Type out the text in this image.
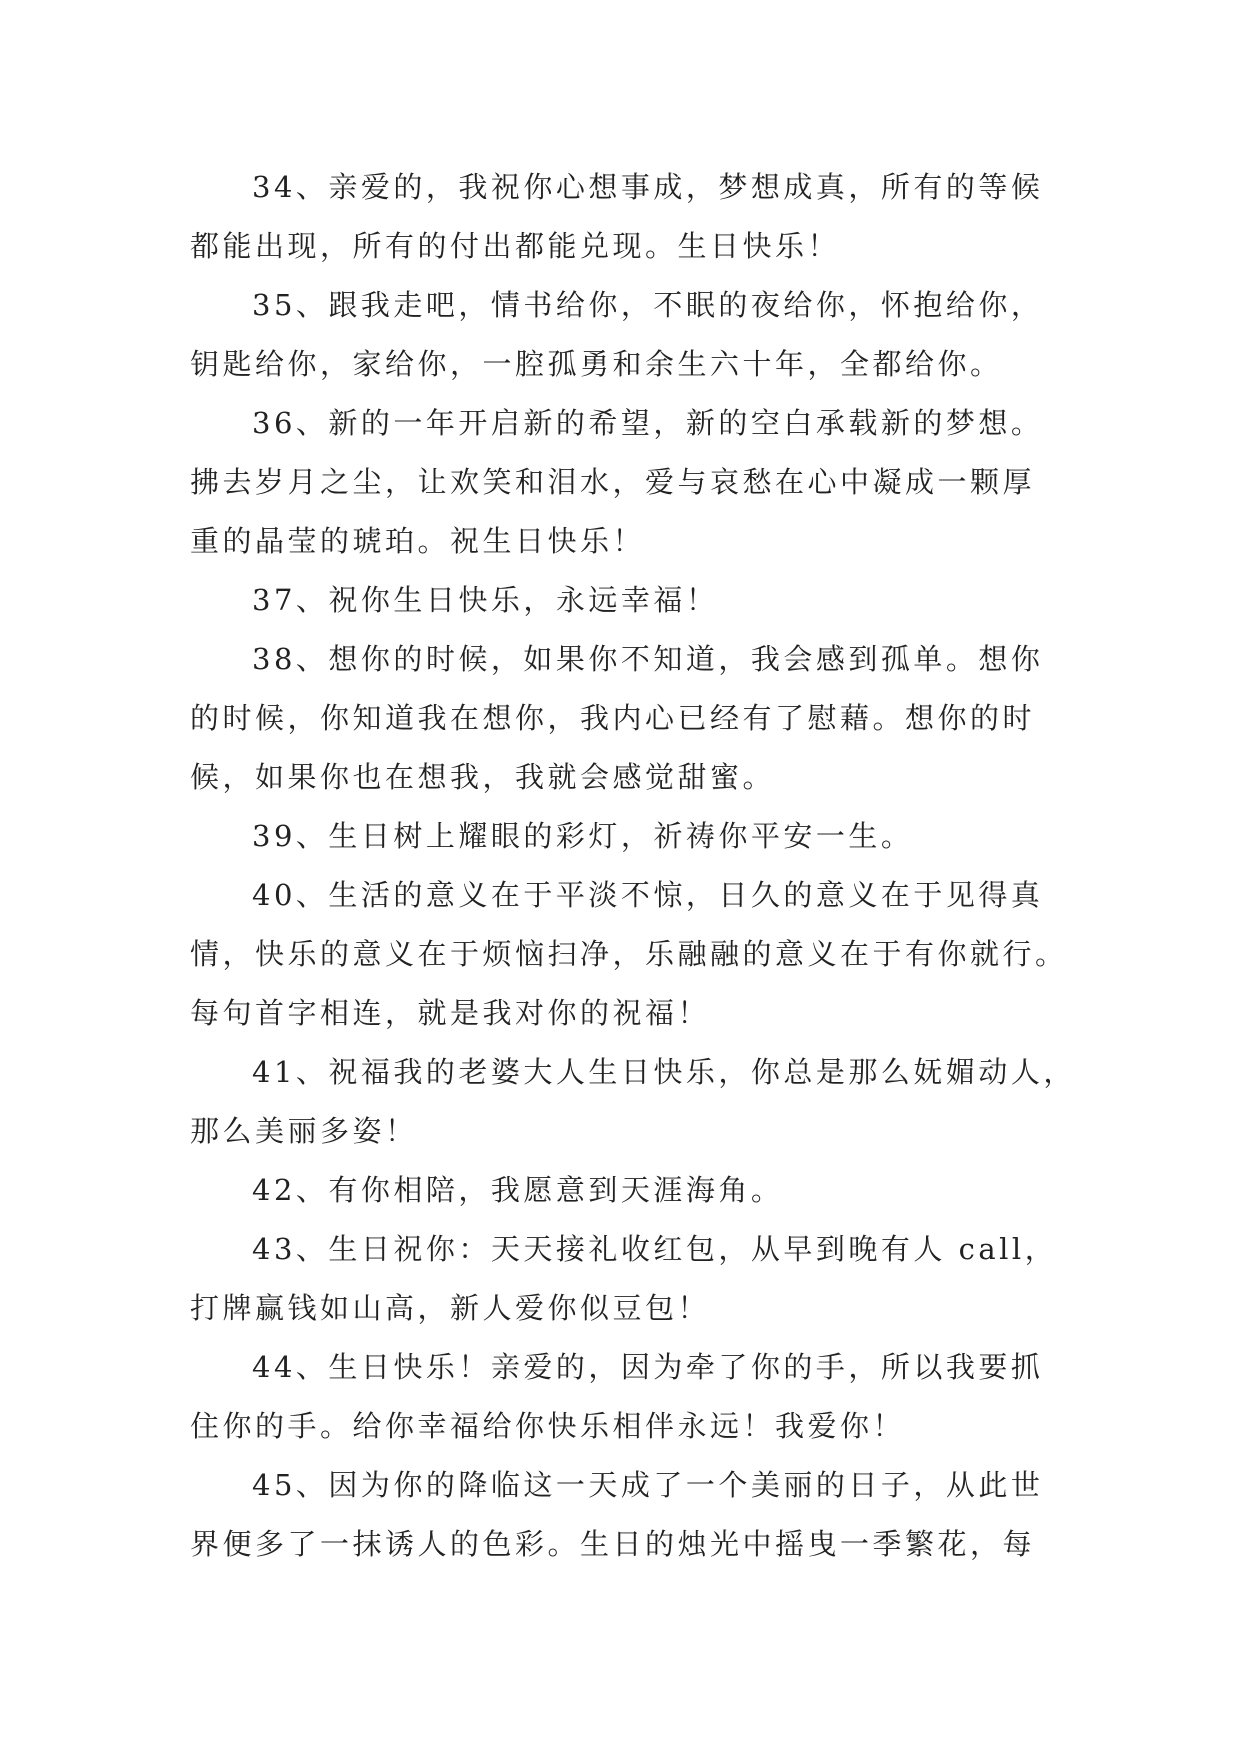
34、亲爱的，我祝你心想事成，梦想成真，所有的等候
都能出现，所有的付出都能兑现。生日快乐！
35、跟我走吧，情书给你，不眠的夜给你，怀抱给你，
钥匙给你，家给你，一腔孤勇和余生六十年，全都给你。
36、新的一年开启新的希望，新的空白承载新的梦想。
拂去岁月之尘，让欢笑和泪水，爱与哀愁在心中凝成一颗厚
重的晶莹的琥珀。祝生日快乐！
37、祝你生日快乐，永远幸福！
38、想你的时候，如果你不知道，我会感到孤单。想你
的时候，你知道我在想你，我内心已经有了慰藉。想你的时
候，如果你也在想我，我就会感觉甜蜜。
39、生日树上耀眼的彩灯，祈祷你平安一生。
40、生活的意义在于平淡不惊，日久的意义在于见得真
情，快乐的意义在于烦恼扫净，乐融融的意义在于有你就行。
每句首字相连，就是我对你的祝福！
41、祝福我的老婆大人生日快乐，你总是那么妩媚动人，
那么美丽多姿！
42、有你相陪，我愿意到天涯海角。
43、生日祝你：天天接礼收红包，从早到晚有人 call，
打牌赢钱如山高，新人爱你似豆包！
44、生日快乐！亲爱的，因为牵了你的手，所以我要抓
住你的手。给你幸福给你快乐相伴永远！我爱你！
45、因为你的降临这一天成了一个美丽的日子，从此世
界便多了一抹诱人的色彩。生日的烛光中摇曳一季繁花，每
